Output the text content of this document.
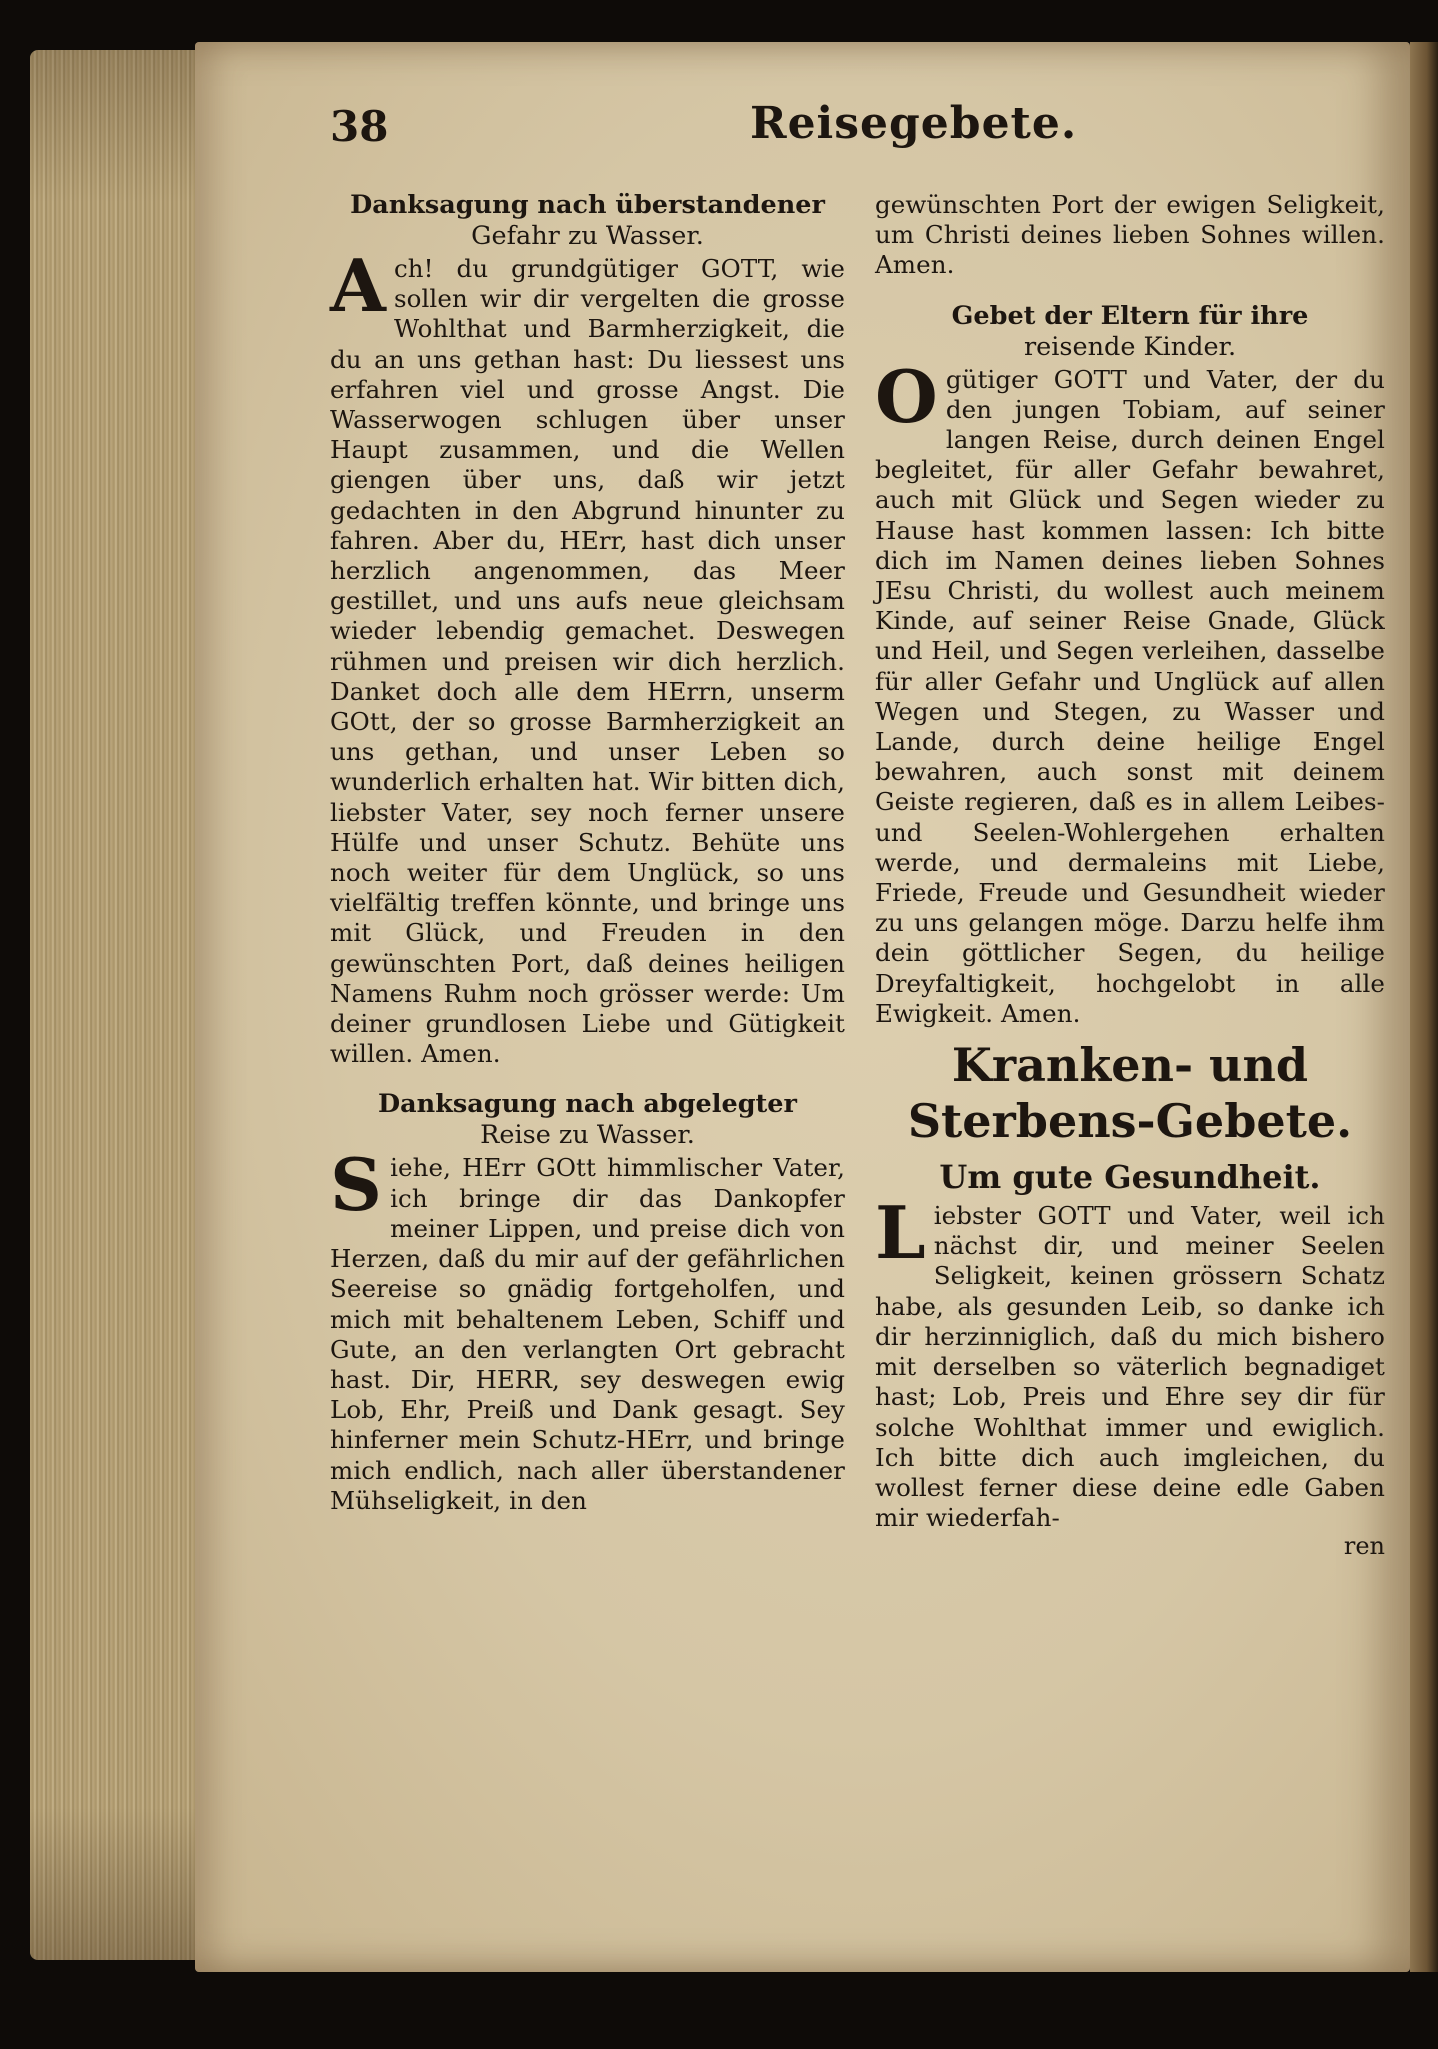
38	Reisegebete.
Danksagung nach überstandener
Gefahr zu Wasser.

Ach! du grundgütiger GOTT, wie sollen wir dir vergelten die grosse Wohlthat und Barmherzigkeit, die du an uns gethan hast: Du liessest uns erfahren viel und grosse Angst. Die Wasserwogen schlugen über unser Haupt zusammen, und die Wellen giengen über uns, daß wir jetzt gedachten in den Abgrund hinunter zu fahren. Aber du, HErr, hast dich unser herzlich angenommen, das Meer gestillet, und uns aufs neue gleichsam wieder lebendig gemachet. Deswegen rühmen und preisen wir dich herzlich. Danket doch alle dem HErrn, unserm GOtt, der so grosse Barmherzigkeit an uns gethan, und unser Leben so wunderlich erhalten hat. Wir bitten dich, liebster Vater, sey noch ferner unsere Hülfe und unser Schutz. Behüte uns noch weiter für dem Unglück, so uns vielfältig treffen könnte, und bringe uns mit Glück, und Freuden in den gewünschten Port, daß deines heiligen Namens Ruhm noch grösser werde: Um deiner grundlosen Liebe und Gütigkeit willen. Amen.

Danksagung nach abgelegter
Reise zu Wasser.

Siehe, HErr GOtt himmlischer Vater, ich bringe dir das Dankopfer meiner Lippen, und preise dich von Herzen, daß du mir auf der gefährlichen Seereise so gnädig fortgeholfen, und mich mit behaltenem Leben, Schiff und Gute, an den verlangten Ort gebracht hast. Dir, HERR, sey deswegen ewig Lob, Ehr, Preiß und Dank gesagt. Sey hinferner mein Schutz-HErr, und bringe mich endlich, nach aller überstandener Mühseligkeit, in den

gewünschten Port der ewigen Seligkeit, um Christi deines lieben Sohnes willen. Amen.

Gebet der Eltern für ihre
reisende Kinder.

Ogütiger GOTT und Vater, der du den jungen Tobiam, auf seiner langen Reise, durch deinen Engel begleitet, für aller Gefahr bewahret, auch mit Glück und Segen wieder zu Hause hast kommen lassen: Ich bitte dich im Namen deines lieben Sohnes JEsu Christi, du wollest auch meinem Kinde, auf seiner Reise Gnade, Glück und Heil, und Segen verleihen, dasselbe für aller Gefahr und Unglück auf allen Wegen und Stegen, zu Wasser und Lande, durch deine heilige Engel bewahren, auch sonst mit deinem Geiste regieren, daß es in allem Leibes- und Seelen-Wohlergehen erhalten werde, und dermaleins mit Liebe, Friede, Freude und Gesundheit wieder zu uns gelangen möge. Darzu helfe ihm dein göttlicher Segen, du heilige Dreyfaltigkeit, hochgelobt in alle Ewigkeit. Amen.

Kranken- und Sterbens-Gebete.
Um gute Gesundheit.

Liebster GOTT und Vater, weil ich nächst dir, und meiner Seelen Seligkeit, keinen grössern Schatz habe, als gesunden Leib, so danke ich dir herzinniglich, daß du mich bishero mit derselben so väterlich begnadiget hast; Lob, Preis und Ehre sey dir für solche Wohlthat immer und ewiglich. Ich bitte dich auch imgleichen, du wollest ferner diese deine edle Gaben mir wiederfah-

ren
